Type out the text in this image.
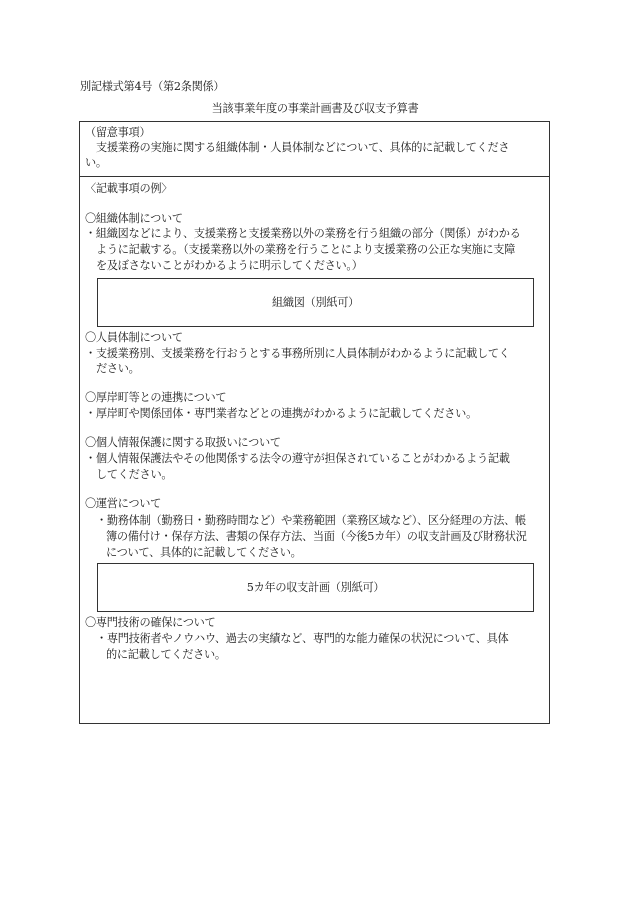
別記様式第4号（第2条関係）
当該事業年度の事業計画書及び収支予算書
（留意事項）
支援業務の実施に関する組織体制・人員体制などについて、具体的に記載してくださ
い。
〈記載事項の例〉
〇組織体制について
・組織図などにより、支援業務と支援業務以外の業務を行う組織の部分（関係）がわかる
ように記載する。（支援業務以外の業務を行うことにより支援業務の公正な実施に支障
を及ぼさないことがわかるように明示してください。）
組織図（別紙可）
〇人員体制について
・支援業務別、支援業務を行おうとする事務所別に人員体制がわかるように記載してく
ださい。
〇厚岸町等との連携について
・厚岸町や関係団体・専門業者などとの連携がわかるように記載してください。
〇個人情報保護に関する取扱いについて
・個人情報保護法やその他関係する法令の遵守が担保されていることがわかるよう記載
してください。
〇運営について
・勤務体制（勤務日・勤務時間など）や業務範囲（業務区域など）、区分経理の方法、帳
簿の備付け・保存方法、書類の保存方法、当面（今後5カ年）の収支計画及び財務状況
について、具体的に記載してください。
5カ年の収支計画（別紙可）
〇専門技術の確保について
・専門技術者やノウハウ、過去の実績など、専門的な能力確保の状況について、具体
的に記載してください。
